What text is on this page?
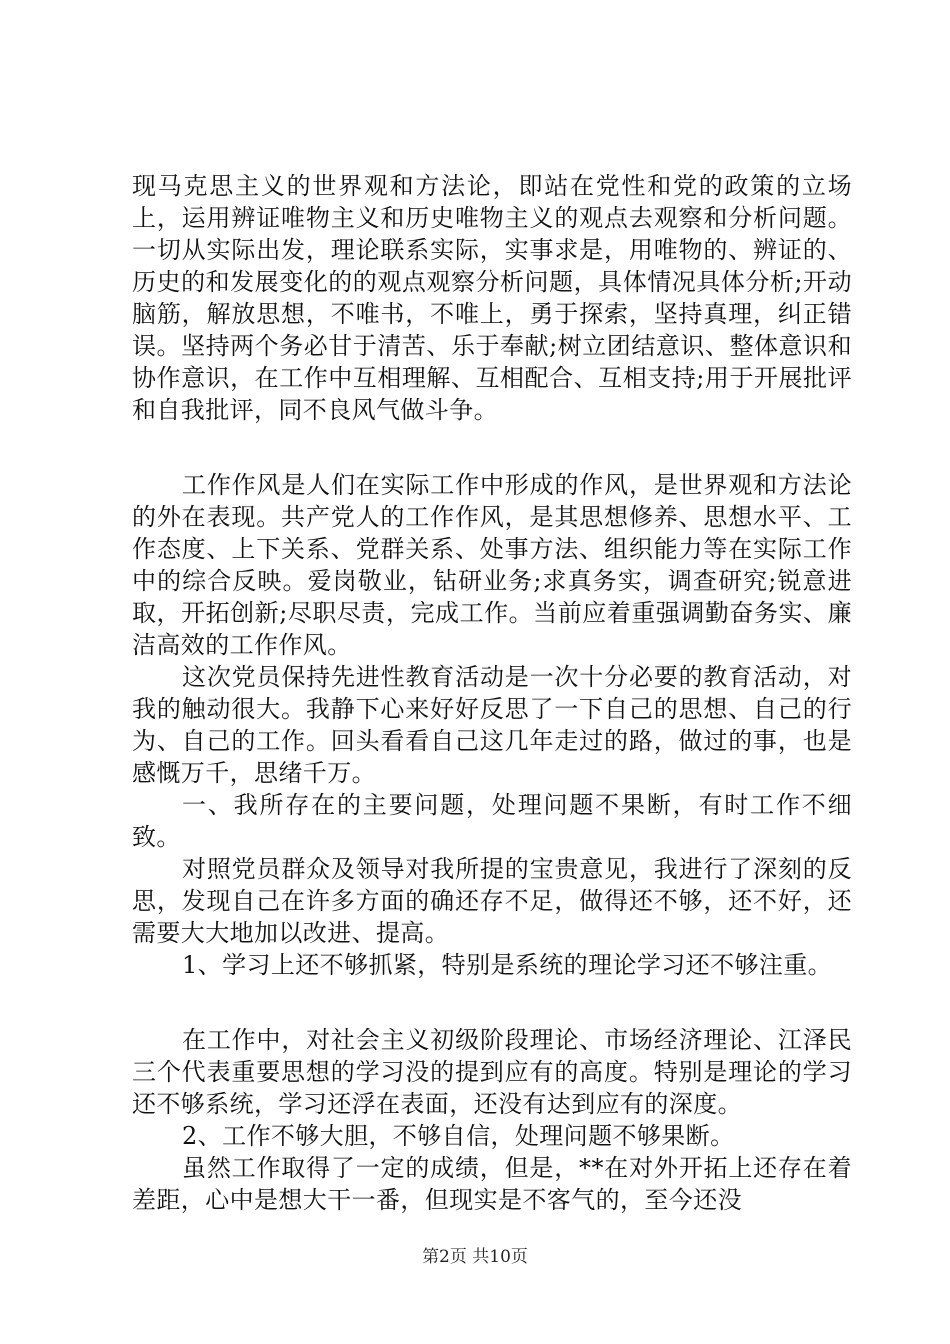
现马克思主义的世界观和方法论，即站在党性和党的政策的立场上，运用辨证唯物主义和历史唯物主义的观点去观察和分析问题。一切从实际出发，理论联系实际，实事求是，用唯物的、辨证的、历史的和发展变化的的观点观察分析问题，具体情况具体分析;开动脑筋，解放思想，不唯书，不唯上，勇于探索，坚持真理，纠正错误。坚持两个务必甘于清苦、乐于奉献;树立团结意识、整体意识和协作意识，在工作中互相理解、互相配合、互相支持;用于开展批评和自我批评，同不良风气做斗争。

工作作风是人们在实际工作中形成的作风，是世界观和方法论的外在表现。共产党人的工作作风，是其思想修养、思想水平、工作态度、上下关系、党群关系、处事方法、组织能力等在实际工作中的综合反映。爱岗敬业，钻研业务;求真务实，调查研究;锐意进取，开拓创新;尽职尽责，完成工作。当前应着重强调勤奋务实、廉洁高效的工作作风。

这次党员保持先进性教育活动是一次十分必要的教育活动，对我的触动很大。我静下心来好好反思了一下自己的思想、自己的行为、自己的工作。回头看看自己这几年走过的路，做过的事，也是感慨万千，思绪千万。

一、我所存在的主要问题，处理问题不果断，有时工作不细致。

对照党员群众及领导对我所提的宝贵意见，我进行了深刻的反思，发现自己在许多方面的确还存不足，做得还不够，还不好，还需要大大地加以改进、提高。

1、学习上还不够抓紧，特别是系统的理论学习还不够注重。

在工作中，对社会主义初级阶段理论、市场经济理论、江泽民三个代表重要思想的学习没的提到应有的高度。特别是理论的学习还不够系统，学习还浮在表面，还没有达到应有的深度。

2、工作不够大胆，不够自信，处理问题不够果断。

虽然工作取得了一定的成绩，但是，**在对外开拓上还存在着差距，心中是想大干一番，但现实是不客气的，至今还没

第2页 共10页
